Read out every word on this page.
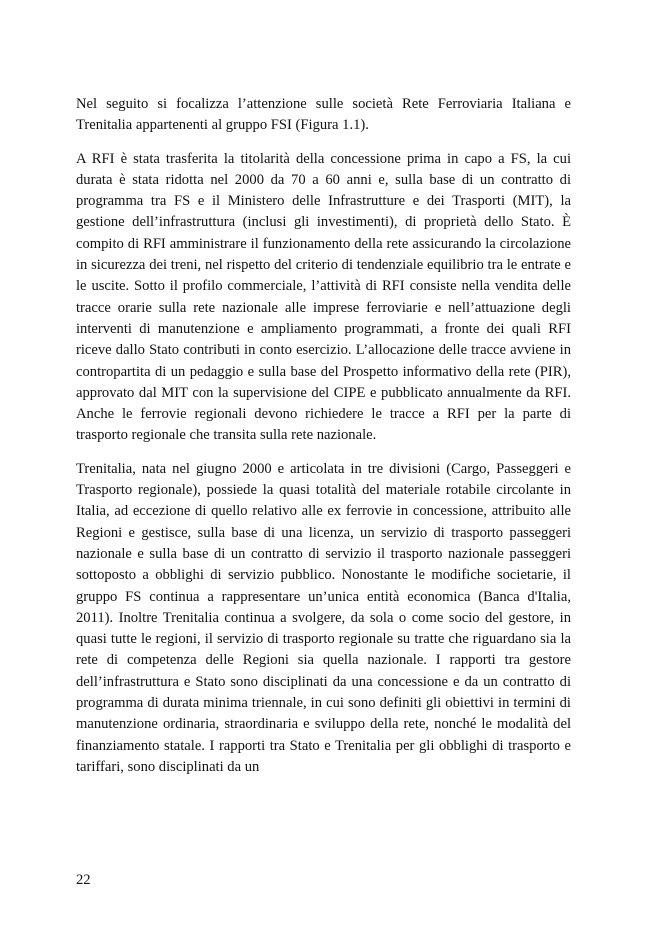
Nel seguito si focalizza l’attenzione sulle società Rete Ferroviaria Italiana e Trenitalia appartenenti al gruppo FSI (Figura 1.1).

A RFI è stata trasferita la titolarità della concessione prima in capo a FS, la cui durata è stata ridotta nel 2000 da 70 a 60 anni e, sulla base di un contratto di programma tra FS e il Ministero delle Infrastrutture e dei Trasporti (MIT), la gestione dell’infrastruttura (inclusi gli investimenti), di proprietà dello Stato. È compito di RFI amministrare il funzionamento della rete assicurando la circolazione in sicurezza dei treni, nel rispetto del criterio di tendenziale equilibrio tra le entrate e le uscite. Sotto il profilo commerciale, l’attività di RFI consiste nella vendita delle tracce orarie sulla rete nazionale alle imprese ferroviarie e nell’attuazione degli interventi di manutenzione e ampliamento programmati, a fronte dei quali RFI riceve dallo Stato contributi in conto esercizio. L’allocazione delle tracce avviene in contropartita di un pedaggio e sulla base del Prospetto informativo della rete (PIR), approvato dal MIT con la supervisione del CIPE e pubblicato annualmente da RFI. Anche le ferrovie regionali devono richiedere le tracce a RFI per la parte di trasporto regionale che transita sulla rete nazionale.

Trenitalia, nata nel giugno 2000 e articolata in tre divisioni (Cargo, Passeggeri e Trasporto regionale), possiede la quasi totalità del materiale rotabile circolante in Italia, ad eccezione di quello relativo alle ex ferrovie in concessione, attribuito alle Regioni e gestisce, sulla base di una licenza, un servizio di trasporto passeggeri nazionale e sulla base di un contratto di servizio il trasporto nazionale passeggeri sottoposto a obblighi di servizio pubblico. Nonostante le modifiche societarie, il gruppo FS continua a rappresentare un’unica entità economica (Banca d'Italia, 2011). Inoltre Trenitalia continua a svolgere, da sola o come socio del gestore, in quasi tutte le regioni, il servizio di trasporto regionale su tratte che riguardano sia la rete di competenza delle Regioni sia quella nazionale. I rapporti tra gestore dell’infrastruttura e Stato sono disciplinati da una concessione e da un contratto di programma di durata minima triennale, in cui sono definiti gli obiettivi in termini di manutenzione ordinaria, straordinaria e sviluppo della rete, nonché le modalità del finanziamento statale. I rapporti tra Stato e Trenitalia per gli obblighi di trasporto e tariffari, sono disciplinati da un

22
